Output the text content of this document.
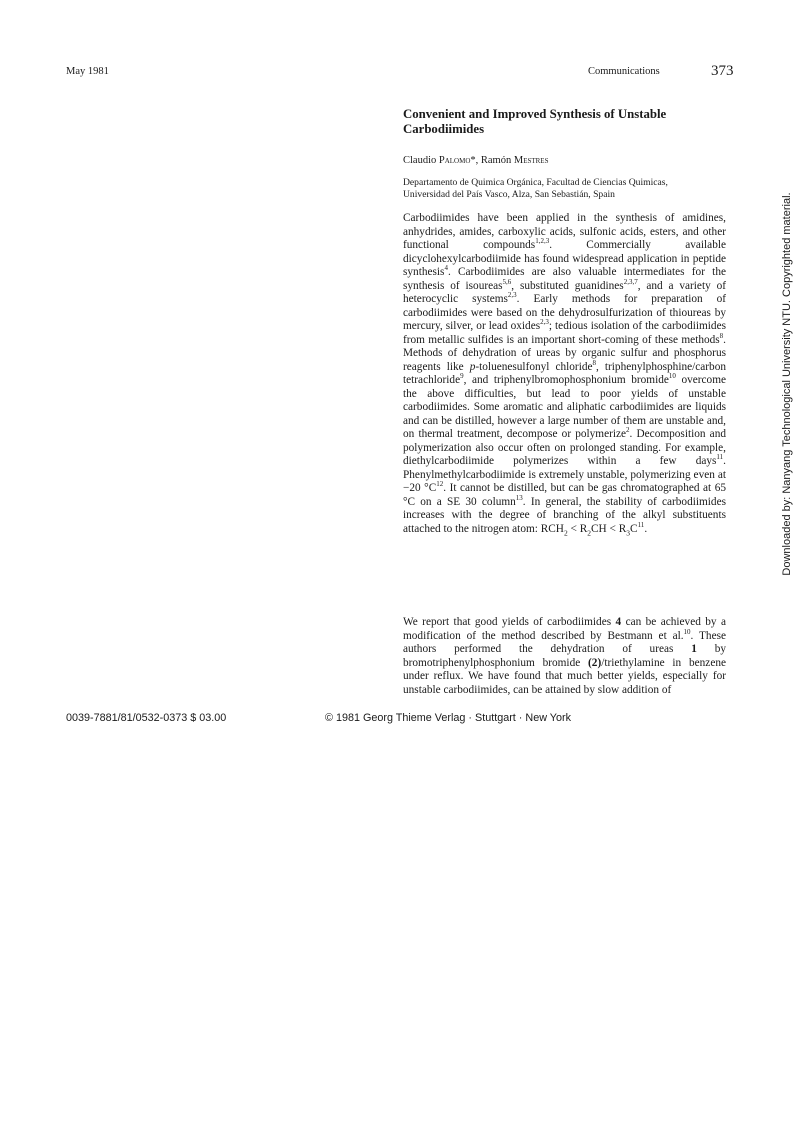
May 1981	Communications	373
Convenient and Improved Synthesis of Unstable Carbodiimides
Claudio Palomo*, Ramón Mestres
Departamento de Quimica Orgánica, Facultad de Ciencias Quimicas,
Universidad del País Vasco, Alza, San Sebastián, Spain
Carbodiimides have been applied in the synthesis of amidines, anhydrides, amides, carboxylic acids, sulfonic acids, esters, and other functional compounds$^{1,2,3}$. Commercially available dicyclohexylcarbodiimide has found widespread application in peptide synthesis$^4$. Carbodiimides are also valuable intermediates for the synthesis of isoureas$^{5,6}$, substituted guanidines$^{2,3,7}$, and a variety of heterocyclic systems$^{2,3}$. Early methods for preparation of carbodiimides were based on the dehydrosulfurization of thioureas by mercury, silver, or lead oxides$^{2,3}$; tedious isolation of the carbodiimides from metallic sulfides is an important short-coming of these methods$^8$. Methods of dehydration of ureas by organic sulfur and phosphorus reagents like p-toluenesulfonyl chloride$^8$, triphenylphosphine/carbon tetrachloride$^9$, and triphenylbromophosphonium bromide$^{10}$ overcome the above difficulties, but lead to poor yields of unstable carbodiimides. Some aromatic and aliphatic carbodiimides are liquids and can be distilled, however a large number of them are unstable and, on thermal treatment, decompose or polymerize$^2$. Decomposition and polymerization also occur often on prolonged standing. For example, diethylcarbodiimide polymerizes within a few days$^{11}$. Phenylmethylcarbodiimide is extremely unstable, polymerizing even at −20 $^\circ C^{12}$. It cannot be distilled, but can be gas chromatographed at 65 °C on a SE 30 column$^{13}$. In general, the stability of carbodiimides increases with the degree of branching of the alkyl substituents attached to the nitrogen atom: $RCH_2 < R_2CH < R_3C^{11}$.
We report that good yields of carbodiimides 4 can be achieved by a modification of the method described by Bestmann et al.$^{10}$. These authors performed the dehydration of ureas 1 by bromotriphenylphosphonium bromide (2)/triethylamine in benzene under reflux. We have found that much better yields, especially for unstable carbodiimides, can be attained by slow addition of
0039-7881/81/0532-0373 $ 03.00	© 1981 Georg Thieme Verlag · Stuttgart · New York
Downloaded by: Nanyang Technological University NTU. Copyrighted material.
